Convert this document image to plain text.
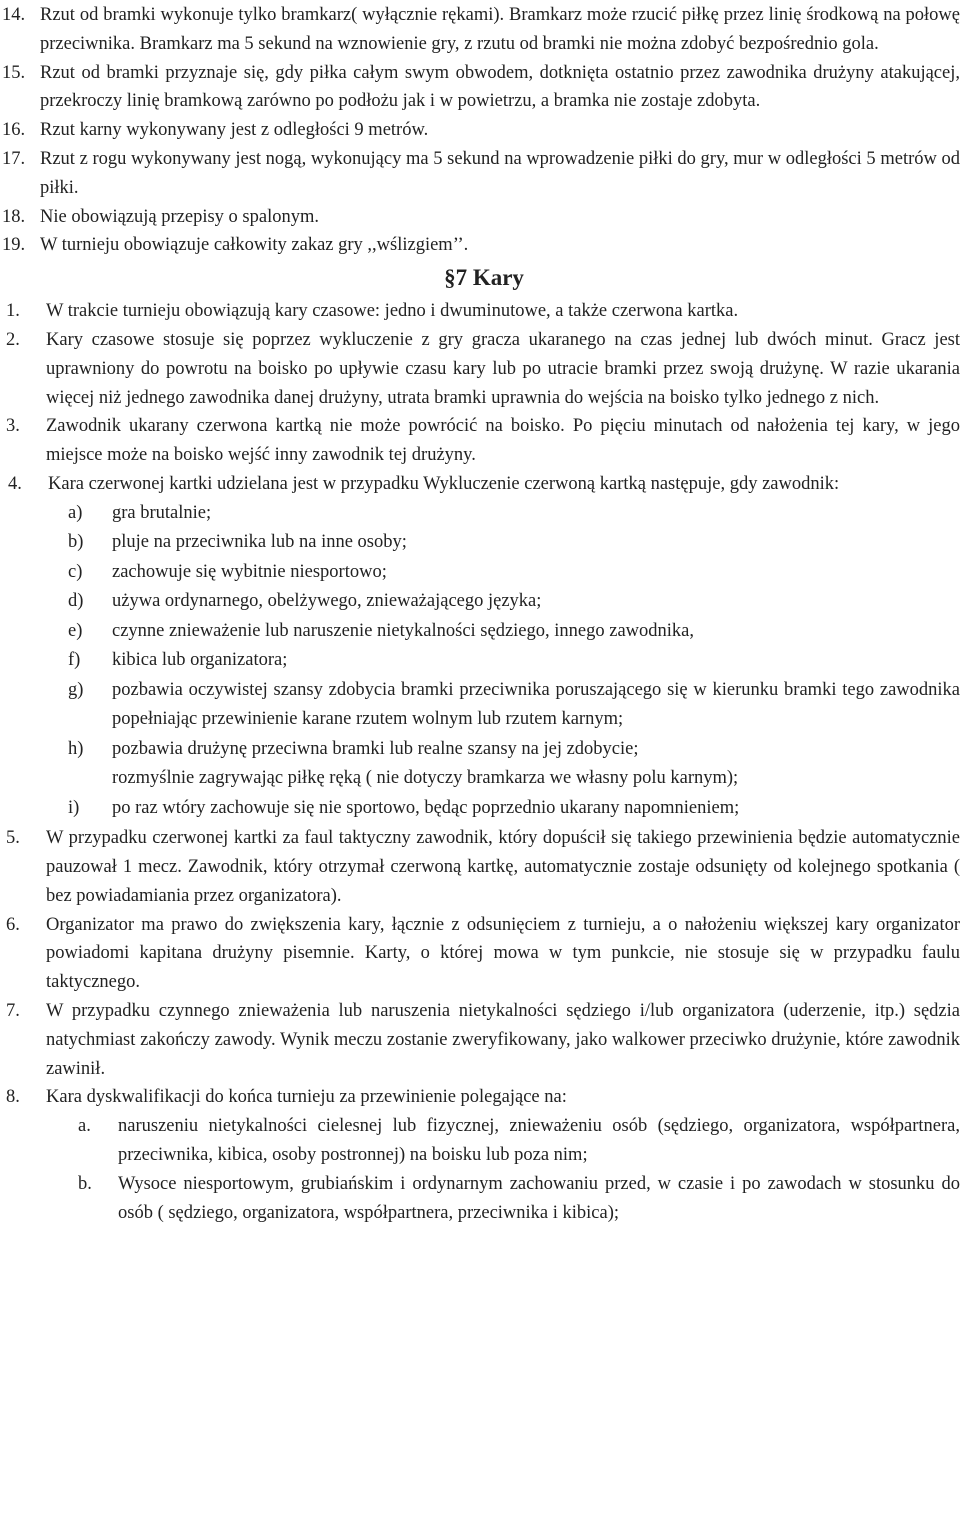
14. Rzut od bramki wykonuje tylko bramkarz( wyłącznie rękami). Bramkarz może rzucić piłkę przez linię środkową na połowę przeciwnika. Bramkarz ma 5 sekund na wznowienie gry, z rzutu od bramki nie można zdobyć bezpośrednio gola.
15. Rzut od bramki przyznaje się, gdy piłka całym swym obwodem, dotknięta ostatnio przez zawodnika drużyny atakującej, przekroczy linię bramkową zarówno po podłożu jak i w powietrzu, a bramka nie zostaje zdobyta.
16. Rzut karny wykonywany jest z odległości 9 metrów.
17. Rzut z rogu wykonywany jest nogą, wykonujący ma 5 sekund na wprowadzenie piłki do gry, mur w odległości 5 metrów od piłki.
18. Nie obowiązują przepisy o spalonym.
19. W turnieju obowiązuje całkowity zakaz gry ,,wślizgiem’’.
§7 Kary
1. W trakcie turnieju obowiązują kary czasowe: jedno i dwuminutowe, a także czerwona kartka.
2. Kary czasowe stosuje się poprzez wykluczenie z gry gracza ukaranego na czas jednej lub dwóch minut. Gracz jest uprawniony do powrotu na boisko po upływie czasu kary lub po utracie bramki przez swoją drużynę. W razie ukarania więcej niż jednego zawodnika danej drużyny, utrata bramki uprawnia do wejścia na boisko tylko jednego z nich.
3. Zawodnik ukarany czerwona kartką nie może powrócić na boisko. Po pięciu minutach od nałożenia tej kary, w jego miejsce może na boisko wejść inny zawodnik tej drużyny.
4. Kara czerwonej kartki udzielana jest w przypadku Wykluczenie czerwoną kartką następuje, gdy zawodnik:
a) gra brutalnie;
b) pluje na przeciwnika lub na inne osoby;
c) zachowuje się wybitnie niesportowo;
d) używa ordynarnego, obelżywego, znieważającego języka;
e) czynne znieważenie lub naruszenie nietykalności sędziego, innego zawodnika,
f) kibica lub organizatora;
g) pozbawia oczywistej szansy zdobycia bramki przeciwnika poruszającego się w kierunku bramki tego zawodnika popełniając przewinienie karane rzutem wolnym lub rzutem karnym;
h) pozbawia drużynę przeciwna bramki lub realne szansy na jej zdobycie;
rozmyślnie zagrywając piłkę ręką ( nie dotyczy bramkarza we własny polu karnym);
i) po raz wtóry zachowuje się nie sportowo, będąc poprzednio ukarany napomnieniem;
5. W przypadku czerwonej kartki za faul taktyczny zawodnik, który dopuścił się takiego przewinienia będzie automatycznie pauzował 1 mecz. Zawodnik, który otrzymał czerwoną kartkę, automatycznie zostaje odsunięty od kolejnego spotkania ( bez powiadamiania przez organizatora).
6. Organizator ma prawo do zwiększenia kary, łącznie z odsunięciem z turnieju, a o nałożeniu większej kary organizator powiadomi kapitana drużyny pisemnie. Karty, o której mowa w tym punkcie, nie stosuje się w przypadku faulu taktycznego.
7. W przypadku czynnego znieważenia lub naruszenia nietykalności sędziego i/lub organizatora (uderzenie, itp.) sędzia natychmiast zakończy zawody. Wynik meczu zostanie zweryfikowany, jako walkower przeciwko drużynie, które zawodnik zawinił.
8. Kara dyskwalifikacji do końca turnieju za przewinienie polegające na:
a. naruszeniu nietykalności cielesnej lub fizycznej, znieważeniu osób (sędziego, organizatora, współpartnera, przeciwnika, kibica, osoby postronnej) na boisku lub poza nim;
b. Wysoce niesportowym, grubiańskim i ordynarnym zachowaniu przed, w czasie i po zawodach w stosunku do osób ( sędziego, organizatora, współpartnera, przeciwnika i kibica);
